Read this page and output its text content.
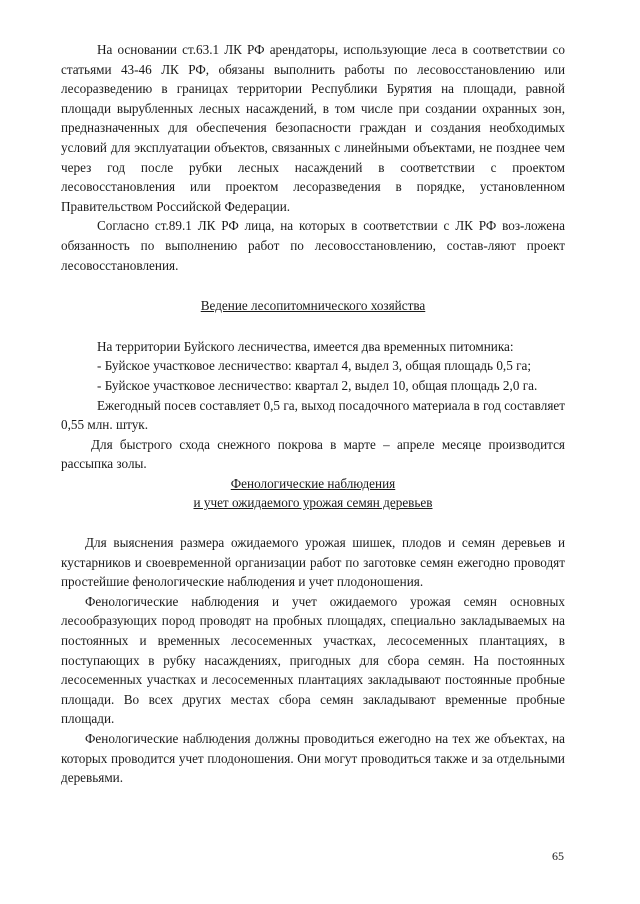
На основании ст.63.1 ЛК РФ арендаторы, использующие леса в соответствии со статьями 43-46 ЛК РФ, обязаны выполнить работы по лесовосстановлению или лесоразведению в границах территории Республики Бурятия на площади, равной площади вырубленных лесных насаждений, в том числе при создании охранных зон, предназначенных для обеспечения безопасности граждан и создания необходимых условий для эксплуатации объектов, связанных с линейными объектами, не позднее чем через год после рубки лесных насаждений в соответствии с проектом лесовосстановления или проектом лесоразведения в порядке, установленном Правительством Российской Федерации.

Согласно ст.89.1 ЛК РФ лица, на которых в соответствии с ЛК РФ воз-ложена обязанность по выполнению работ по лесовосстановлению, состав-ляют проект лесовосстановления.

Ведение лесопитомнического хозяйства

На территории Буйского лесничества, имеется два временных питомника:

- Буйское участковое лесничество: квартал 4, выдел 3, общая площадь 0,5 га;

- Буйское участковое лесничество: квартал 2, выдел 10, общая площадь 2,0 га.

Ежегодный посев составляет 0,5 га, выход посадочного материала в год составляет 0,55 млн. штук.

Для быстрого схода снежного покрова в марте – апреле месяце производится рассыпка золы.

Фенологические наблюдения

и учет ожидаемого урожая семян деревьев

Для выяснения размера ожидаемого урожая шишек, плодов и семян деревьев и кустарников и своевременной организации работ по заготовке семян ежегодно проводят простейшие фенологические наблюдения и учет плодоношения.

Фенологические наблюдения и учет ожидаемого урожая семян основных лесообразующих пород проводят на пробных площадях, специально закладываемых на постоянных и временных лесосеменных участках, лесосеменных плантациях, в поступающих в рубку насаждениях, пригодных для сбора семян. На постоянных лесосеменных участках и лесосеменных плантациях закладывают постоянные пробные площади. Во всех других местах сбора семян закладывают временные пробные площади.

Фенологические наблюдения должны проводиться ежегодно на тех же объектах, на которых проводится учет плодоношения. Они могут проводиться также и за отдельными деревьями.

65
